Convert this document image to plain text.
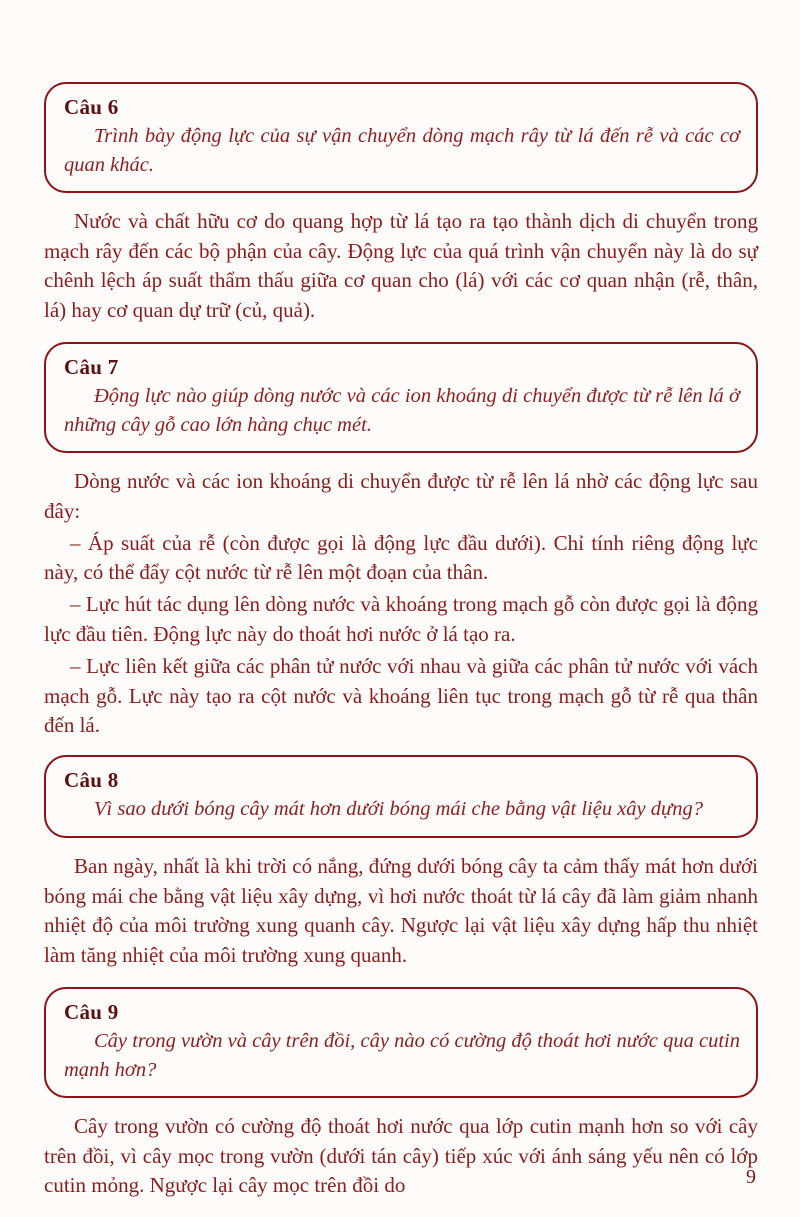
Câu 6

Trình bày động lực của sự vận chuyển dòng mạch rây từ lá đến rễ và các cơ quan khác.

Nước và chất hữu cơ do quang hợp từ lá tạo ra tạo thành dịch di chuyển trong mạch rây đến các bộ phận của cây. Động lực của quá trình vận chuyển này là do sự chênh lệch áp suất thẩm thấu giữa cơ quan cho (lá) với các cơ quan nhận (rễ, thân, lá) hay cơ quan dự trữ (củ, quả).

Câu 7

Động lực nào giúp dòng nước và các ion khoáng di chuyển được từ rễ lên lá ở những cây gỗ cao lớn hàng chục mét.

Dòng nước và các ion khoáng di chuyển được từ rễ lên lá nhờ các động lực sau đây:

– Áp suất của rễ (còn được gọi là động lực đầu dưới). Chỉ tính riêng động lực này, có thể đẩy cột nước từ rễ lên một đoạn của thân.

– Lực hút tác dụng lên dòng nước và khoáng trong mạch gỗ còn được gọi là động lực đầu tiên. Động lực này do thoát hơi nước ở lá tạo ra.

– Lực liên kết giữa các phân tử nước với nhau và giữa các phân tử nước với vách mạch gỗ. Lực này tạo ra cột nước và khoáng liên tục trong mạch gỗ từ rễ qua thân đến lá.

Câu 8

Vì sao dưới bóng cây mát hơn dưới bóng mái che bằng vật liệu xây dựng?

Ban ngày, nhất là khi trời có nắng, đứng dưới bóng cây ta cảm thấy mát hơn dưới bóng mái che bằng vật liệu xây dựng, vì hơi nước thoát từ lá cây đã làm giảm nhanh nhiệt độ của môi trường xung quanh cây. Ngược lại vật liệu xây dựng hấp thu nhiệt làm tăng nhiệt của môi trường xung quanh.

Câu 9

Cây trong vườn và cây trên đồi, cây nào có cường độ thoát hơi nước qua cutin mạnh hơn?

Cây trong vườn có cường độ thoát hơi nước qua lớp cutin mạnh hơn so với cây trên đồi, vì cây mọc trong vườn (dưới tán cây) tiếp xúc với ánh sáng yếu nên có lớp cutin mỏng. Ngược lại cây mọc trên đồi do	9
